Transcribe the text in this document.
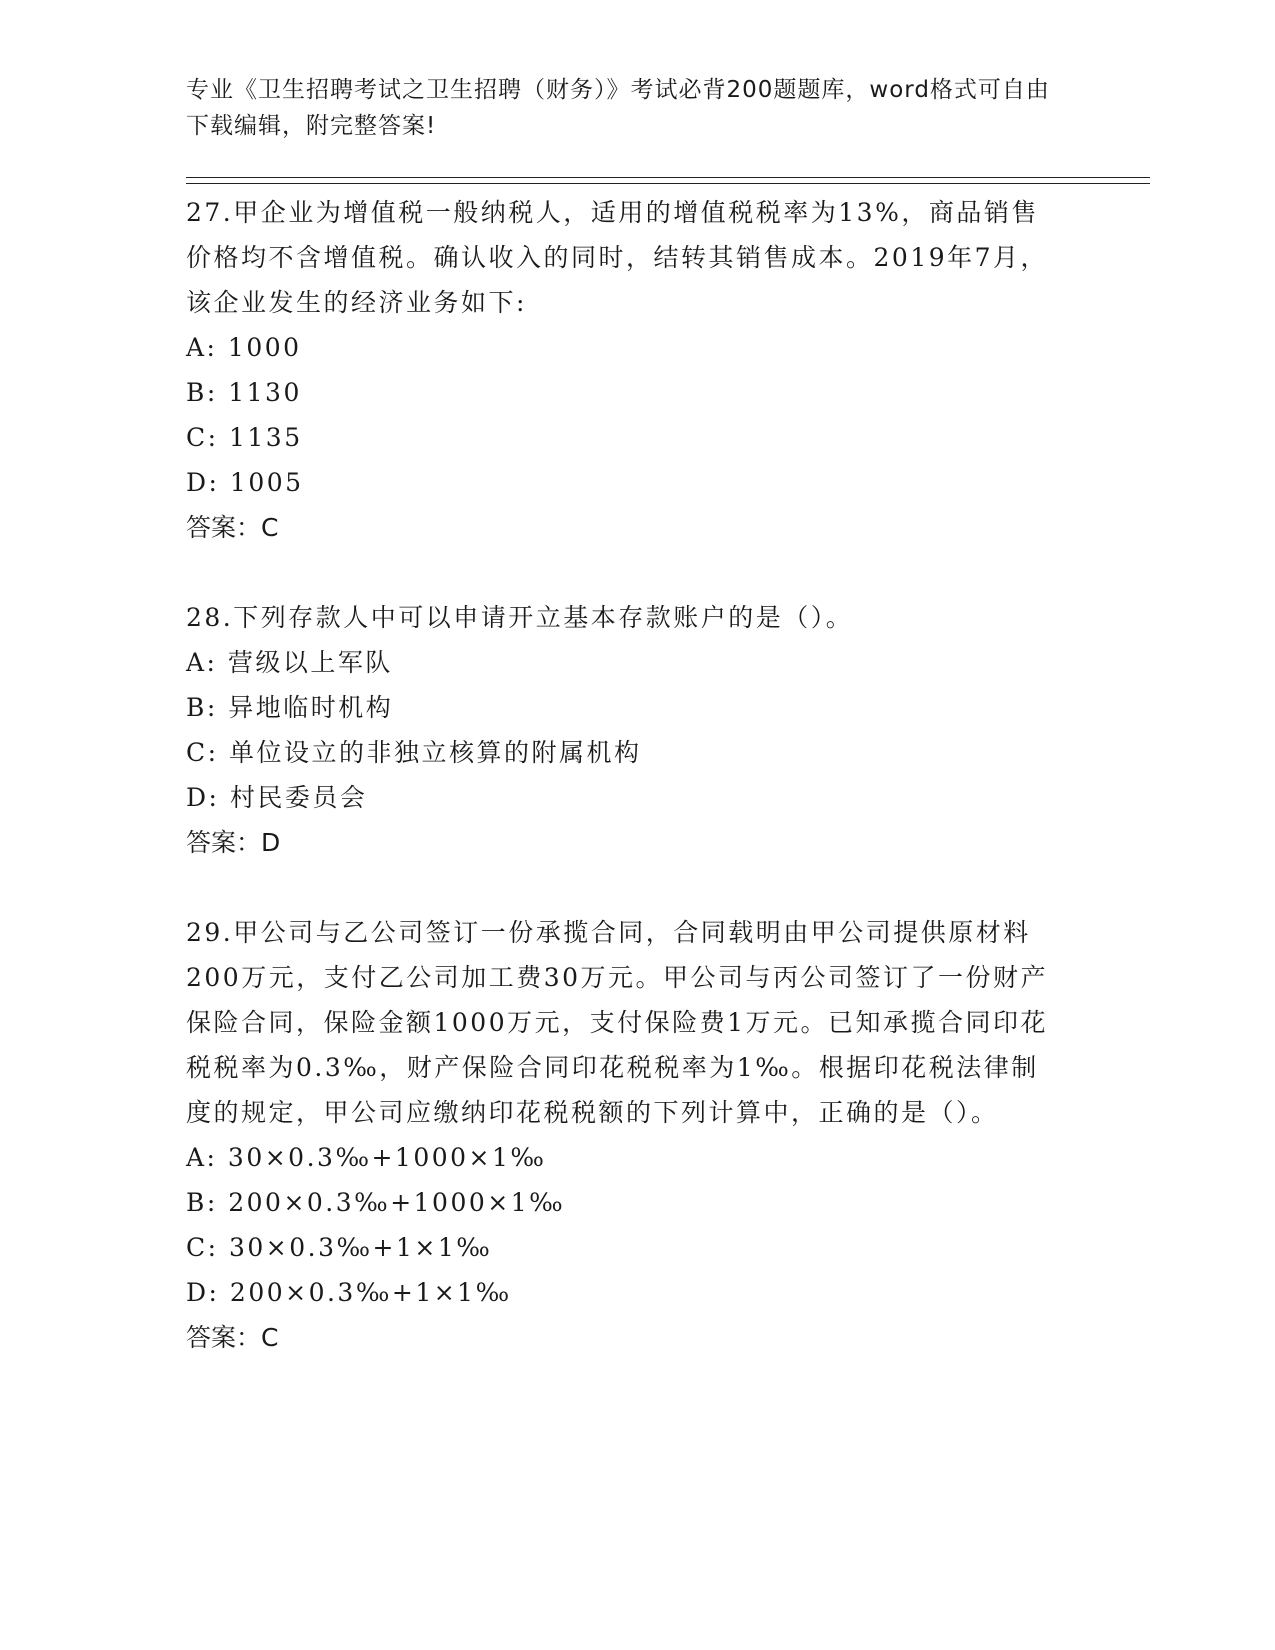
专业《卫生招聘考试之卫生招聘（财务）》考试必背200题题库，word格式可自由下载编辑，附完整答案!

27.甲企业为增值税一般纳税人，适用的增值税税率为13%，商品销售价格均不含增值税。确认收入的同时，结转其销售成本。2019年7月，该企业发生的经济业务如下:

A: 1000

B: 1130

C: 1135

D: 1005

答案：C

28.下列存款人中可以申请开立基本存款账户的是（）。

A: 营级以上军队

B: 异地临时机构

C: 单位设立的非独立核算的附属机构

D: 村民委员会

答案：D

29.甲公司与乙公司签订一份承揽合同，合同载明由甲公司提供原材料200万元，支付乙公司加工费30万元。甲公司与丙公司签订了一份财产保险合同，保险金额1000万元，支付保险费1万元。已知承揽合同印花税税率为0.3‰，财产保险合同印花税税率为1‰。根据印花税法律制度的规定，甲公司应缴纳印花税税额的下列计算中，正确的是（）。

A: 30×0.3‰+1000×1‰

B: 200×0.3‰+1000×1‰

C: 30×0.3‰+1×1‰

D: 200×0.3‰+1×1‰

答案：C
